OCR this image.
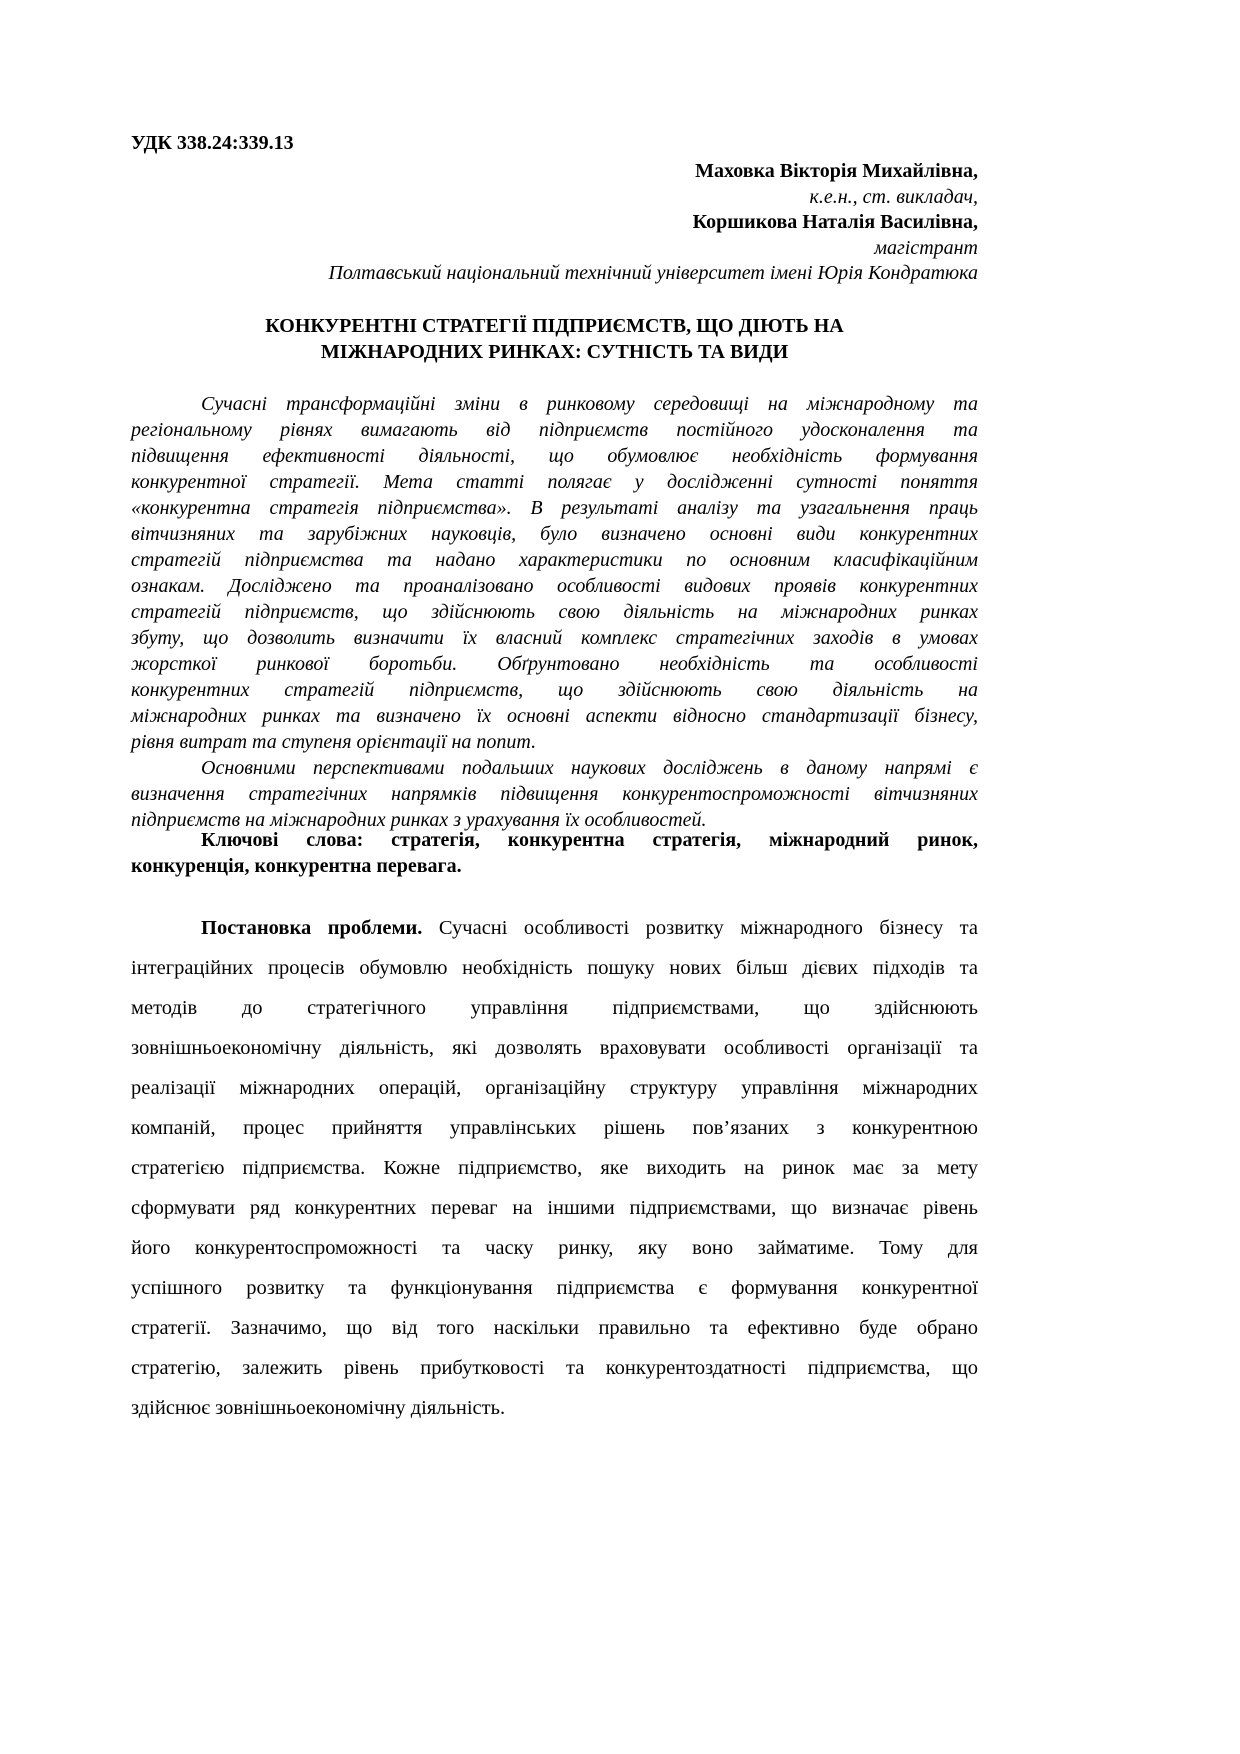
УДК 338.24:339.13
Маховка Вікторія Михайлівна,
к.е.н., ст. викладач,
Коршикова Наталія Василівна,
магістрант
Полтавський національний технічний університет імені Юрія Кондратюка
КОНКУРЕНТНІ СТРАТЕГІЇ ПІДПРИЄМСТВ, ЩО ДІЮТЬ НА
МІЖНАРОДНИХ РИНКАХ: СУТНІСТЬ ТА ВИДИ
Сучасні трансформаційні зміни в ринковому середовищі на міжнародному та
регіональному рівнях вимагають від підприємств постійного удосконалення та
підвищення ефективності діяльності, що обумовлює необхідність формування
конкурентної стратегії. Мета статті полягає у дослідженні сутності поняття
«конкурентна стратегія підприємства». В результаті аналізу та узагальнення праць
вітчизняних та зарубіжних науковців, було визначено основні види конкурентних
стратегій підприємства та надано характеристики по основним класифікаційним
ознакам. Досліджено та проаналізовано особливості видових проявів конкурентних
стратегій підприємств, що здійснюють свою діяльність на міжнародних ринках
збуту, що дозволить визначити їх власний комплекс стратегічних заходів в умовах
жорсткої ринкової боротьби. Обґрунтовано необхідність та особливості
конкурентних стратегій підприємств, що здійснюють свою діяльність на
міжнародних ринках та визначено їх основні аспекти відносно стандартизації бізнесу,
рівня витрат та ступеня орієнтації на попит.
Основними перспективами подальших наукових досліджень в даному напрямі є
визначення стратегічних напрямків підвищення конкурентоспроможності вітчизняних
підприємств на міжнародних ринках з урахування їх особливостей.
Ключові слова: стратегія, конкурентна стратегія, міжнародний ринок,
конкуренція, конкурентна перевага.
Постановка проблеми. Сучасні особливості розвитку міжнародного бізнесу та
інтеграційних процесів обумовлю необхідність пошуку нових більш дієвих підходів та
методів до стратегічного управління підприємствами, що здійснюють
зовнішньоекономічну діяльність, які дозволять враховувати особливості організації та
реалізації міжнародних операцій, організаційну структуру управління міжнародних
компаній, процес прийняття управлінських рішень пов’язаних з конкурентною
стратегією підприємства. Кожне підприємство, яке виходить на ринок має за мету
сформувати ряд конкурентних переваг на іншими підприємствами, що визначає рівень
його конкурентоспроможності та часку ринку, яку воно займатиме. Тому для
успішного розвитку та функціонування підприємства є формування конкурентної
стратегії. Зазначимо, що від того наскільки правильно та ефективно буде обрано
стратегію, залежить рівень прибутковості та конкурентоздатності підприємства, що
здійснює зовнішньоекономічну діяльність.
